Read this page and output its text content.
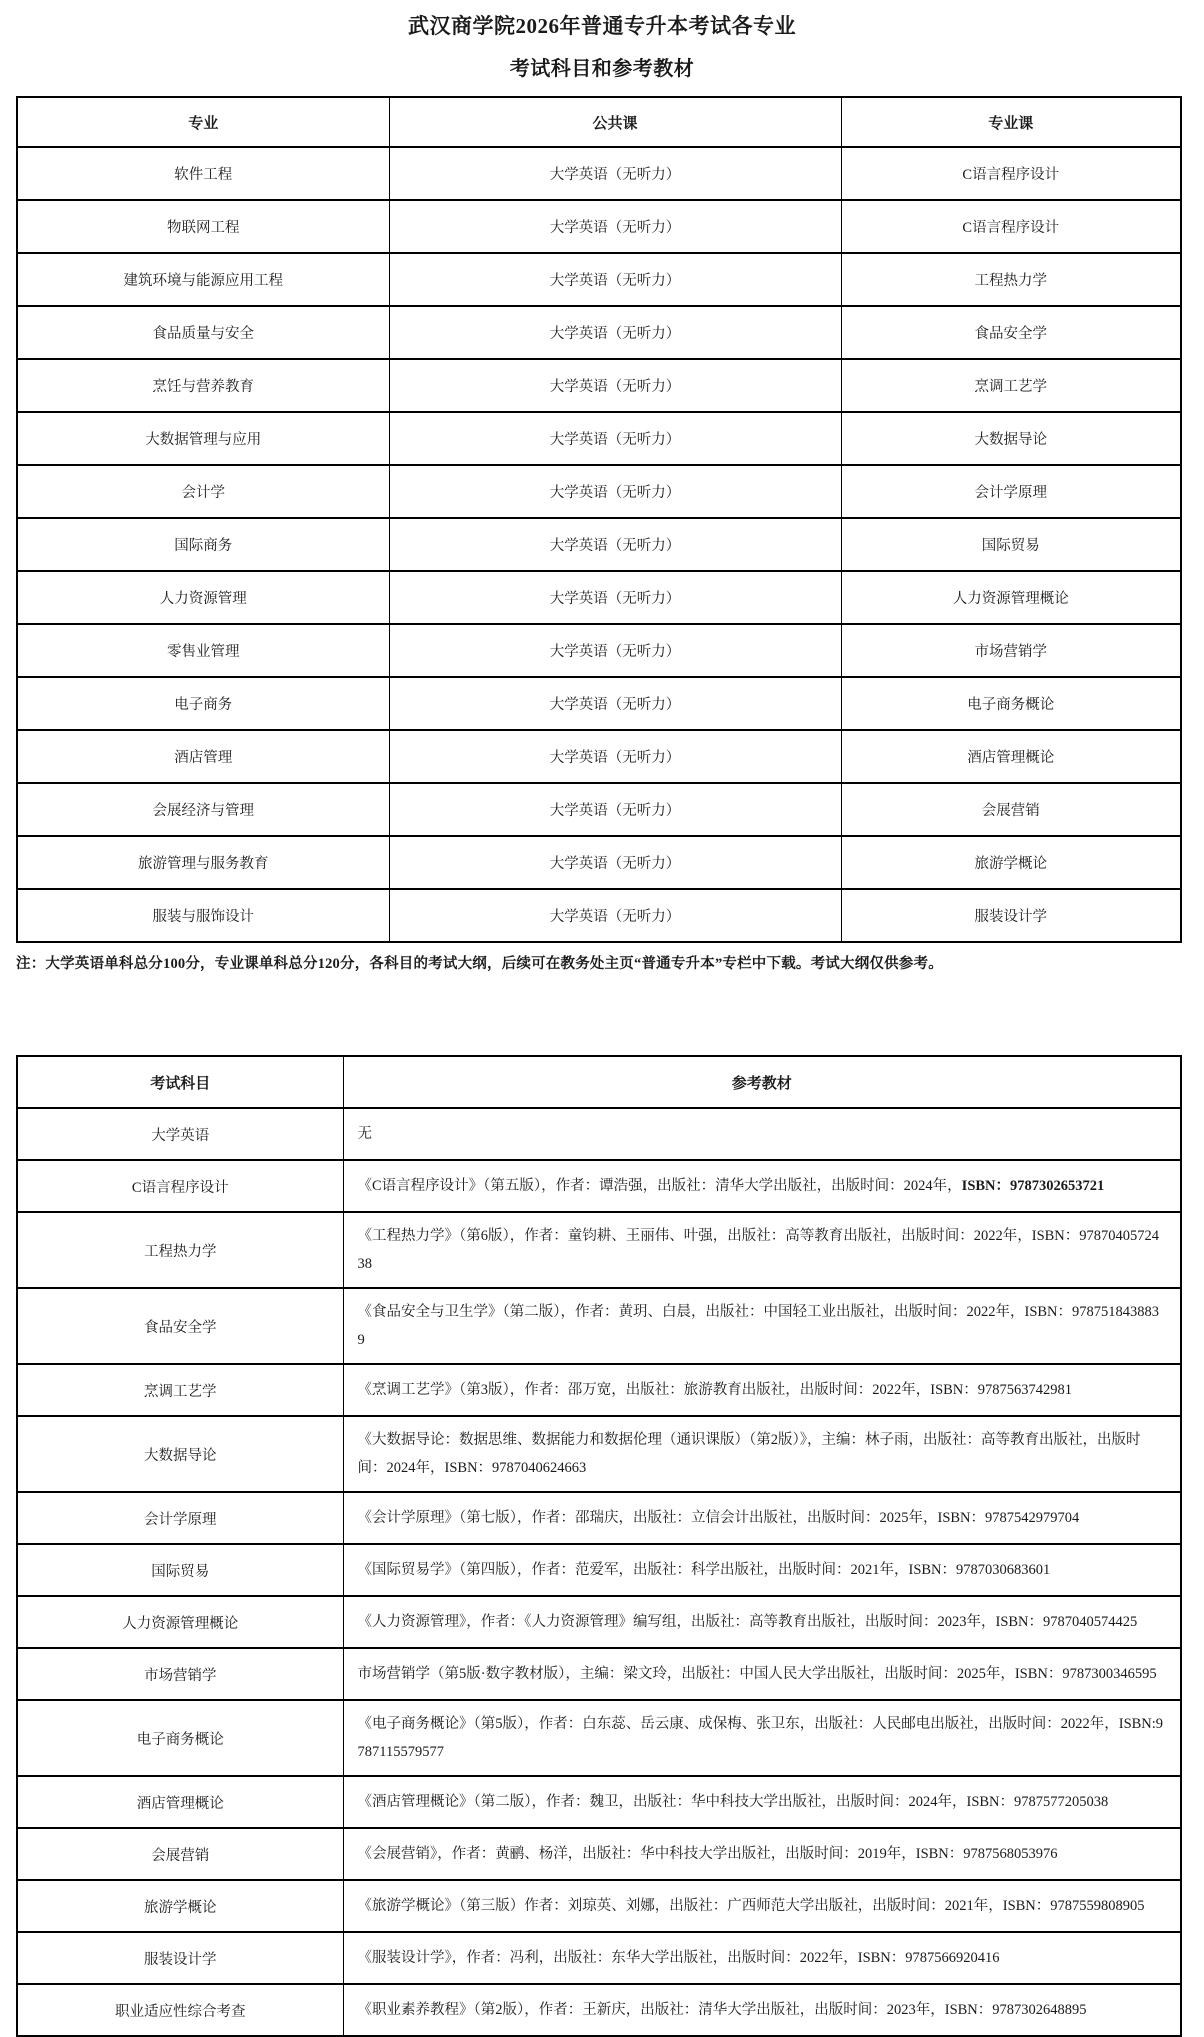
武汉商学院2026年普通专升本考试各专业
考试科目和参考教材
专业	公共课	专业课
软件工程	大学英语（无听力）	C语言程序设计
物联网工程	大学英语（无听力）	C语言程序设计
建筑环境与能源应用工程	大学英语（无听力）	工程热力学
食品质量与安全	大学英语（无听力）	食品安全学
烹饪与营养教育	大学英语（无听力）	烹调工艺学
大数据管理与应用	大学英语（无听力）	大数据导论
会计学	大学英语（无听力）	会计学原理
国际商务	大学英语（无听力）	国际贸易
人力资源管理	大学英语（无听力）	人力资源管理概论
零售业管理	大学英语（无听力）	市场营销学
电子商务	大学英语（无听力）	电子商务概论
酒店管理	大学英语（无听力）	酒店管理概论
会展经济与管理	大学英语（无听力）	会展营销
旅游管理与服务教育	大学英语（无听力）	旅游学概论
服装与服饰设计	大学英语（无听力）	服装设计学

注：大学英语单科总分100分，专业课单科总分120分，各科目的考试大纲，后续可在教务处主页“普通专升本”专栏中下载。考试大纲仅供参考。

考试科目	参考教材
大学英语	无
C语言程序设计	《C语言程序设计》（第五版），作者：谭浩强，出版社：清华大学出版社，出版时间：2024年，ISBN：9787302653721
工程热力学	《工程热力学》（第6版），作者：童钧耕、王丽伟、叶强，出版社：高等教育出版社，出版时间：2022年，ISBN：9787040572438
食品安全学	《食品安全与卫生学》（第二版），作者：黄玥、白晨，出版社：中国轻工业出版社，出版时间：2022年，ISBN：9787518438839
烹调工艺学	《烹调工艺学》（第3版），作者：邵万宽，出版社：旅游教育出版社，出版时间：2022年，ISBN：9787563742981
大数据导论	《大数据导论：数据思维、数据能力和数据伦理（通识课版）（第2版）》，主编：林子雨，出版社：高等教育出版社，出版时间：2024年，ISBN：9787040624663
会计学原理	《会计学原理》（第七版），作者：邵瑞庆，出版社：立信会计出版社，出版时间：2025年，ISBN：9787542979704
国际贸易	《国际贸易学》（第四版），作者：范爱军，出版社：科学出版社，出版时间：2021年，ISBN：9787030683601
人力资源管理概论	《人力资源管理》，作者：《人力资源管理》编写组，出版社：高等教育出版社，出版时间：2023年，ISBN：9787040574425
市场营销学	市场营销学（第5版·数字教材版），主编：梁文玲，出版社：中国人民大学出版社，出版时间：2025年，ISBN：9787300346595
电子商务概论	《电子商务概论》（第5版），作者：白东蕊、岳云康、成保梅、张卫东，出版社：人民邮电出版社，出版时间：2022年，ISBN:9787115579577
酒店管理概论	《酒店管理概论》（第二版），作者：魏卫，出版社：华中科技大学出版社，出版时间：2024年，ISBN：9787577205038
会展营销	《会展营销》，作者：黄鹂、杨洋，出版社：华中科技大学出版社，出版时间：2019年，ISBN：9787568053976
旅游学概论	《旅游学概论》（第三版）作者：刘琼英、刘娜，出版社：广西师范大学出版社，出版时间：2021年，ISBN：9787559808905
服装设计学	《服装设计学》，作者：冯利，出版社：东华大学出版社，出版时间：2022年，ISBN：9787566920416
职业适应性综合考查	《职业素养教程》（第2版），作者：王新庆，出版社：清华大学出版社，出版时间：2023年，ISBN：9787302648895
